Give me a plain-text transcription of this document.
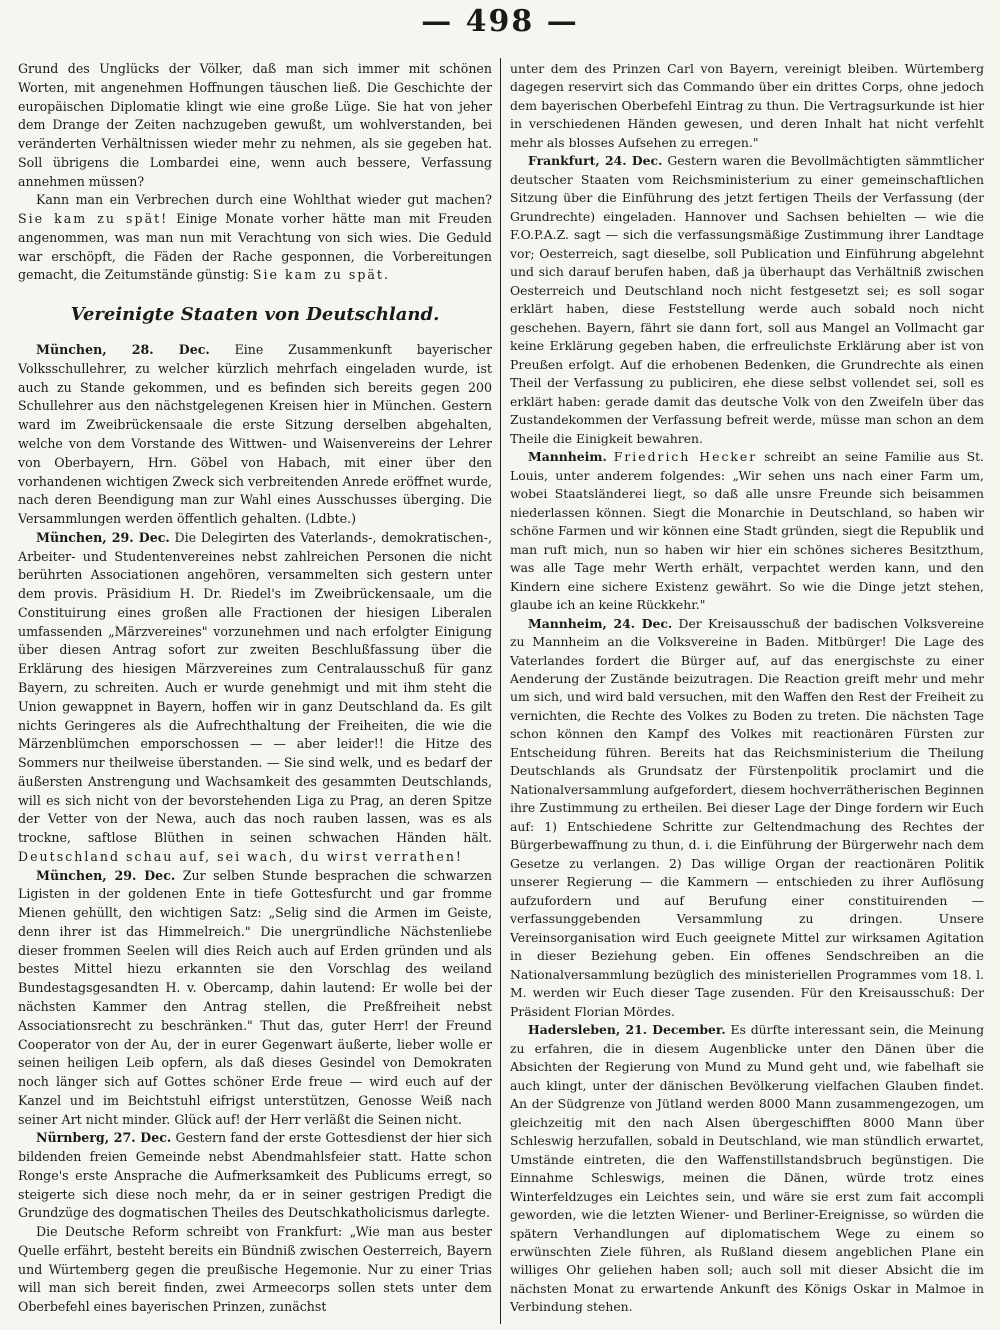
— 498 —

Grund des Unglücks der Völker, daß man sich immer mit schönen Worten, mit angenehmen Hoffnungen täuschen ließ. Die Geschichte der europäischen Diplomatie klingt wie eine große Lüge. Sie hat von jeher dem Drange der Zeiten nachzugeben gewußt, um wohlverstanden, bei veränderten Verhältnissen wieder mehr zu nehmen, als sie gegeben hat. Soll übrigens die Lombardei eine, wenn auch bessere, Verfassung annehmen müssen?

Kann man ein Verbrechen durch eine Wohlthat wieder gut machen? Sie kam zu spät! Einige Monate vorher hätte man mit Freuden angenommen, was man nun mit Verachtung von sich wies. Die Geduld war erschöpft, die Fäden der Rache gesponnen, die Vorbereitungen gemacht, die Zeitumstände günstig: Sie kam zu spät.

Vereinigte Staaten von Deutschland.

München, 28. Dec. Eine Zusammenkunft bayerischer Volksschullehrer, zu welcher kürzlich mehrfach eingeladen wurde, ist auch zu Stande gekommen, und es befinden sich bereits gegen 200 Schullehrer aus den nächstgelegenen Kreisen hier in München. Gestern ward im Zweibrückensaale die erste Sitzung derselben abgehalten, welche von dem Vorstande des Wittwen- und Waisenvereins der Lehrer von Oberbayern, Hrn. Göbel von Habach, mit einer über den vorhandenen wichtigen Zweck sich verbreitenden Anrede eröffnet wurde, nach deren Beendigung man zur Wahl eines Ausschusses überging. Die Versammlungen werden öffentlich gehalten. (Ldbte.)

München, 29. Dec. Die Delegirten des Vaterlands-, demokratischen-, Arbeiter- und Studentenvereines nebst zahlreichen Personen die nicht berührten Associationen angehören, versammelten sich gestern unter dem provis. Präsidium H. Dr. Riedel's im Zweibrückensaale, um die Constituirung eines großen alle Fractionen der hiesigen Liberalen umfassenden „Märzvereines" vorzunehmen und nach erfolgter Einigung über diesen Antrag sofort zur zweiten Beschlußfassung über die Erklärung des hiesigen Märzvereines zum Centralausschuß für ganz Bayern, zu schreiten. Auch er wurde genehmigt und mit ihm steht die Union gewappnet in Bayern, hoffen wir in ganz Deutschland da. Es gilt nichts Geringeres als die Aufrechthaltung der Freiheiten, die wie die Märzenblümchen emporschossen — — aber leider!! die Hitze des Sommers nur theilweise überstanden. — Sie sind welk, und es bedarf der äußersten Anstrengung und Wachsamkeit des gesammten Deutschlands, will es sich nicht von der bevorstehenden Liga zu Prag, an deren Spitze der Vetter von der Newa, auch das noch rauben lassen, was es als trockne, saftlose Blüthen in seinen schwachen Händen hält. Deutschland schau auf, sei wach, du wirst verrathen!

München, 29. Dec. Zur selben Stunde besprachen die schwarzen Ligisten in der goldenen Ente in tiefe Gottesfurcht und gar fromme Mienen gehüllt, den wichtigen Satz: „Selig sind die Armen im Geiste, denn ihrer ist das Himmelreich." Die unergründliche Nächstenliebe dieser frommen Seelen will dies Reich auch auf Erden gründen und als bestes Mittel hiezu erkannten sie den Vorschlag des weiland Bundestagsgesandten H. v. Obercamp, dahin lautend: Er wolle bei der nächsten Kammer den Antrag stellen, die Preßfreiheit nebst Associationsrecht zu beschränken." Thut das, guter Herr! der Freund Cooperator von der Au, der in eurer Gegenwart äußerte, lieber wolle er seinen heiligen Leib opfern, als daß dieses Gesindel von Demokraten noch länger sich auf Gottes schöner Erde freue — wird euch auf der Kanzel und im Beichtstuhl eifrigst unterstützen, Genosse Weiß nach seiner Art nicht minder. Glück auf! der Herr verläßt die Seinen nicht.

Nürnberg, 27. Dec. Gestern fand der erste Gottesdienst der hier sich bildenden freien Gemeinde nebst Abendmahlsfeier statt. Hatte schon Ronge's erste Ansprache die Aufmerksamkeit des Publicums erregt, so steigerte sich diese noch mehr, da er in seiner gestrigen Predigt die Grundzüge des dogmatischen Theiles des Deutschkatholicismus darlegte.

Die Deutsche Reform schreibt von Frankfurt: „Wie man aus bester Quelle erfährt, besteht bereits ein Bündniß zwischen Oesterreich, Bayern und Würtemberg gegen die preußische Hegemonie. Nur zu einer Trias will man sich bereit finden, zwei Armeecorps sollen stets unter dem Oberbefehl eines bayerischen Prinzen, zunächst

unter dem des Prinzen Carl von Bayern, vereinigt bleiben. Würtemberg dagegen reservirt sich das Commando über ein drittes Corps, ohne jedoch dem bayerischen Oberbefehl Eintrag zu thun. Die Vertragsurkunde ist hier in verschiedenen Händen gewesen, und deren Inhalt hat nicht verfehlt mehr als blosses Aufsehen zu erregen."

Frankfurt, 24. Dec. Gestern waren die Bevollmächtigten sämmtlicher deutscher Staaten vom Reichsministerium zu einer gemeinschaftlichen Sitzung über die Einführung des jetzt fertigen Theils der Verfassung (der Grundrechte) eingeladen. Hannover und Sachsen behielten — wie die F.O.P.A.Z. sagt — sich die verfassungsmäßige Zustimmung ihrer Landtage vor; Oesterreich, sagt dieselbe, soll Publication und Einführung abgelehnt und sich darauf berufen haben, daß ja überhaupt das Verhältniß zwischen Oesterreich und Deutschland noch nicht festgesetzt sei; es soll sogar erklärt haben, diese Feststellung werde auch sobald noch nicht geschehen. Bayern, fährt sie dann fort, soll aus Mangel an Vollmacht gar keine Erklärung gegeben haben, die erfreulichste Erklärung aber ist von Preußen erfolgt. Auf die erhobenen Bedenken, die Grundrechte als einen Theil der Verfassung zu publiciren, ehe diese selbst vollendet sei, soll es erklärt haben: gerade damit das deutsche Volk von den Zweifeln über das Zustandekommen der Verfassung befreit werde, müsse man schon an dem Theile die Einigkeit bewahren.

Mannheim. Friedrich Hecker schreibt an seine Familie aus St. Louis, unter anderem folgendes: „Wir sehen uns nach einer Farm um, wobei Staatsländerei liegt, so daß alle unsre Freunde sich beisammen niederlassen können. Siegt die Monarchie in Deutschland, so haben wir schöne Farmen und wir können eine Stadt gründen, siegt die Republik und man ruft mich, nun so haben wir hier ein schönes sicheres Besitzthum, was alle Tage mehr Werth erhält, verpachtet werden kann, und den Kindern eine sichere Existenz gewährt. So wie die Dinge jetzt stehen, glaube ich an keine Rückkehr."

Mannheim, 24. Dec. Der Kreisausschuß der badischen Volksvereine zu Mannheim an die Volksvereine in Baden. Mitbürger! Die Lage des Vaterlandes fordert die Bürger auf, auf das energischste zu einer Aenderung der Zustände beizutragen. Die Reaction greift mehr und mehr um sich, und wird bald versuchen, mit den Waffen den Rest der Freiheit zu vernichten, die Rechte des Volkes zu Boden zu treten. Die nächsten Tage schon können den Kampf des Volkes mit reactionären Fürsten zur Entscheidung führen. Bereits hat das Reichsministerium die Theilung Deutschlands als Grundsatz der Fürstenpolitik proclamirt und die Nationalversammlung aufgefordert, diesem hochverrätherischen Beginnen ihre Zustimmung zu ertheilen. Bei dieser Lage der Dinge fordern wir Euch auf: 1) Entschiedene Schritte zur Geltendmachung des Rechtes der Bürgerbewaffnung zu thun, d. i. die Einführung der Bürgerwehr nach dem Gesetze zu verlangen. 2) Das willige Organ der reactionären Politik unserer Regierung — die Kammern — entschieden zu ihrer Auflösung aufzufordern und auf Berufung einer constituirenden — verfassunggebenden Versammlung zu dringen. Unsere Vereinsorganisation wird Euch geeignete Mittel zur wirksamen Agitation in dieser Beziehung geben. Ein offenes Sendschreiben an die Nationalversammlung bezüglich des ministeriellen Programmes vom 18. l. M. werden wir Euch dieser Tage zusenden. Für den Kreisausschuß: Der Präsident Florian Mördes.

Hadersleben, 21. December. Es dürfte interessant sein, die Meinung zu erfahren, die in diesem Augenblicke unter den Dänen über die Absichten der Regierung von Mund zu Mund geht und, wie fabelhaft sie auch klingt, unter der dänischen Bevölkerung vielfachen Glauben findet. An der Südgrenze von Jütland werden 8000 Mann zusammengezogen, um gleichzeitig mit den nach Alsen übergeschifften 8000 Mann über Schleswig herzufallen, sobald in Deutschland, wie man stündlich erwartet, Umstände eintreten, die den Waffenstillstandsbruch begünstigen. Die Einnahme Schleswigs, meinen die Dänen, würde trotz eines Winterfeldzuges ein Leichtes sein, und wäre sie erst zum fait accompli geworden, wie die letzten Wiener- und Berliner-Ereignisse, so würden die spätern Verhandlungen auf diplomatischem Wege zu einem so erwünschten Ziele führen, als Rußland diesem angeblichen Plane ein williges Ohr geliehen haben soll; auch soll mit dieser Absicht die im nächsten Monat zu erwartende Ankunft des Königs Oskar in Malmoe in Verbindung stehen.
